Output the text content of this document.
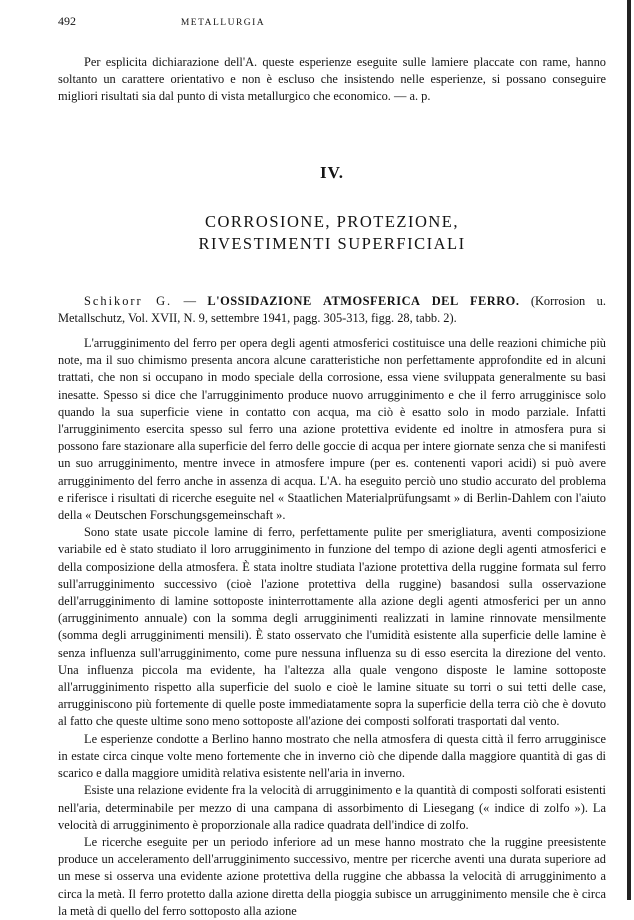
492	METALLURGIA

Per esplicita dichiarazione dell'A. queste esperienze eseguite sulle lamiere placcate con rame, hanno soltanto un carattere orientativo e non è escluso che insistendo nelle esperienze, si possano conseguire migliori risultati sia dal punto di vista metallurgico che economico. — a. p.

IV.
CORROSIONE, PROTEZIONE,
RIVESTIMENTI SUPERFICIALI

Schikorr G. — L'OSSIDAZIONE ATMOSFERICA DEL FERRO. (Korrosion u. Metallschutz, Vol. XVII, N. 9, settembre 1941, pagg. 305-313, figg. 28, tabb. 2).

L'arrugginimento del ferro per opera degli agenti atmosferici costituisce una delle reazioni chimiche più note, ma il suo chimismo presenta ancora alcune caratteristiche non perfettamente approfondite ed in alcuni trattati, che non si occupano in modo speciale della corrosione, essa viene sviluppata generalmente su basi inesatte. Spesso si dice che l'arrugginimento produce nuovo arrugginimento e che il ferro arrugginisce solo quando la sua superficie viene in contatto con acqua, ma ciò è esatto solo in modo parziale. Infatti l'arrugginimento esercita spesso sul ferro una azione protettiva evidente ed inoltre in atmosfera pura si possono fare stazionare alla superficie del ferro delle goccie di acqua per intere giornate senza che si manifesti un suo arrugginimento, mentre invece in atmosfere impure (per es. contenenti vapori acidi) si può avere arrugginimento del ferro anche in assenza di acqua. L'A. ha eseguito perciò uno studio accurato del problema e riferisce i risultati di ricerche eseguite nel « Staatlichen Materialprüfungsamt » di Berlin-Dahlem con l'aiuto della « Deutschen Forschungsgemeinschaft ».

Sono state usate piccole lamine di ferro, perfettamente pulite per smerigliatura, aventi composizione variabile ed è stato studiato il loro arrugginimento in funzione del tempo di azione degli agenti atmosferici e della composizione della atmosfera. È stata inoltre studiata l'azione protettiva della ruggine formata sul ferro sull'arrugginimento successivo (cioè l'azione protettiva della ruggine) basandosi sulla osservazione dell'arrugginimento di lamine sottoposte ininterrottamente alla azione degli agenti atmosferici per un anno (arrugginimento annuale) con la somma degli arrugginimenti realizzati in lamine rinnovate mensilmente (somma degli arrugginimenti mensili). È stato osservato che l'umidità esistente alla superficie delle lamine è senza influenza sull'arrugginimento, come pure nessuna influenza su di esso esercita la direzione del vento. Una influenza piccola ma evidente, ha l'altezza alla quale vengono disposte le lamine sottoposte all'arrugginimento rispetto alla superficie del suolo e cioè le lamine situate su torri o sui tetti delle case, arrugginiscono più fortemente di quelle poste immediatamente sopra la superficie della terra ciò che è dovuto al fatto che queste ultime sono meno sottoposte all'azione dei composti solforati trasportati dal vento.

Le esperienze condotte a Berlino hanno mostrato che nella atmosfera di questa città il ferro arrugginisce in estate circa cinque volte meno fortemente che in inverno ciò che dipende dalla maggiore quantità di gas di scarico e dalla maggiore umidità relativa esistente nell'aria in inverno.

Esiste una relazione evidente fra la velocità di arrugginimento e la quantità di composti solforati esistenti nell'aria, determinabile per mezzo di una campana di assorbimento di Liesegang (« indice di zolfo »). La velocità di arrugginimento è proporzionale alla radice quadrata dell'indice di zolfo.

Le ricerche eseguite per un periodo inferiore ad un mese hanno mostrato che la ruggine preesistente produce un acceleramento dell'arrugginimento successivo, mentre per ricerche aventi una durata superiore ad un mese si osserva una evidente azione protettiva della ruggine che abbassa la velocità di arrugginimento a circa la metà. Il ferro protetto dalla azione diretta della pioggia subisce un arrugginimento mensile che è circa la metà di quello del ferro sottoposto alla azione
